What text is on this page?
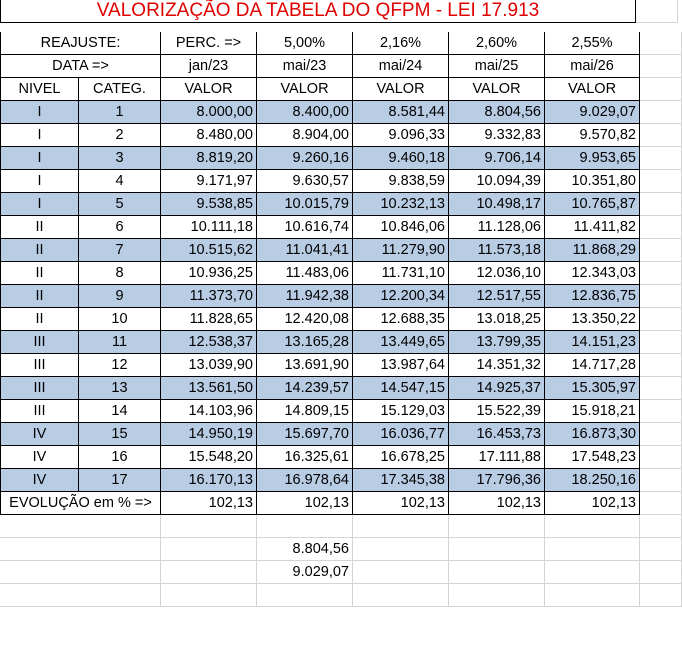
VALORIZAÇÃO DA TABELA DO QFPM - LEI 17.913
REAJUSTE:	PERC. =>	5,00%	2,16%	2,60%	2,55%
DATA =>	jan/23	mai/23	mai/24	mai/25	mai/26
NIVEL	CATEG.	VALOR	VALOR	VALOR	VALOR	VALOR
I	1	8.000,00	8.400,00	8.581,44	8.804,56	9.029,07
I	2	8.480,00	8.904,00	9.096,33	9.332,83	9.570,82
I	3	8.819,20	9.260,16	9.460,18	9.706,14	9.953,65
I	4	9.171,97	9.630,57	9.838,59	10.094,39	10.351,80
I	5	9.538,85	10.015,79	10.232,13	10.498,17	10.765,87
II	6	10.111,18	10.616,74	10.846,06	11.128,06	11.411,82
II	7	10.515,62	11.041,41	11.279,90	11.573,18	11.868,29
II	8	10.936,25	11.483,06	11.731,10	12.036,10	12.343,03
II	9	11.373,70	11.942,38	12.200,34	12.517,55	12.836,75
II	10	11.828,65	12.420,08	12.688,35	13.018,25	13.350,22
III	11	12.538,37	13.165,28	13.449,65	13.799,35	14.151,23
III	12	13.039,90	13.691,90	13.987,64	14.351,32	14.717,28
III	13	13.561,50	14.239,57	14.547,15	14.925,37	15.305,97
III	14	14.103,96	14.809,15	15.129,03	15.522,39	15.918,21
IV	15	14.950,19	15.697,70	16.036,77	16.453,73	16.873,30
IV	16	15.548,20	16.325,61	16.678,25	17.111,88	17.548,23
IV	17	16.170,13	16.978,64	17.345,38	17.796,36	18.250,16
EVOLUÇÃO em % =>	102,13	102,13	102,13	102,13	102,13
8.804,56
9.029,07
